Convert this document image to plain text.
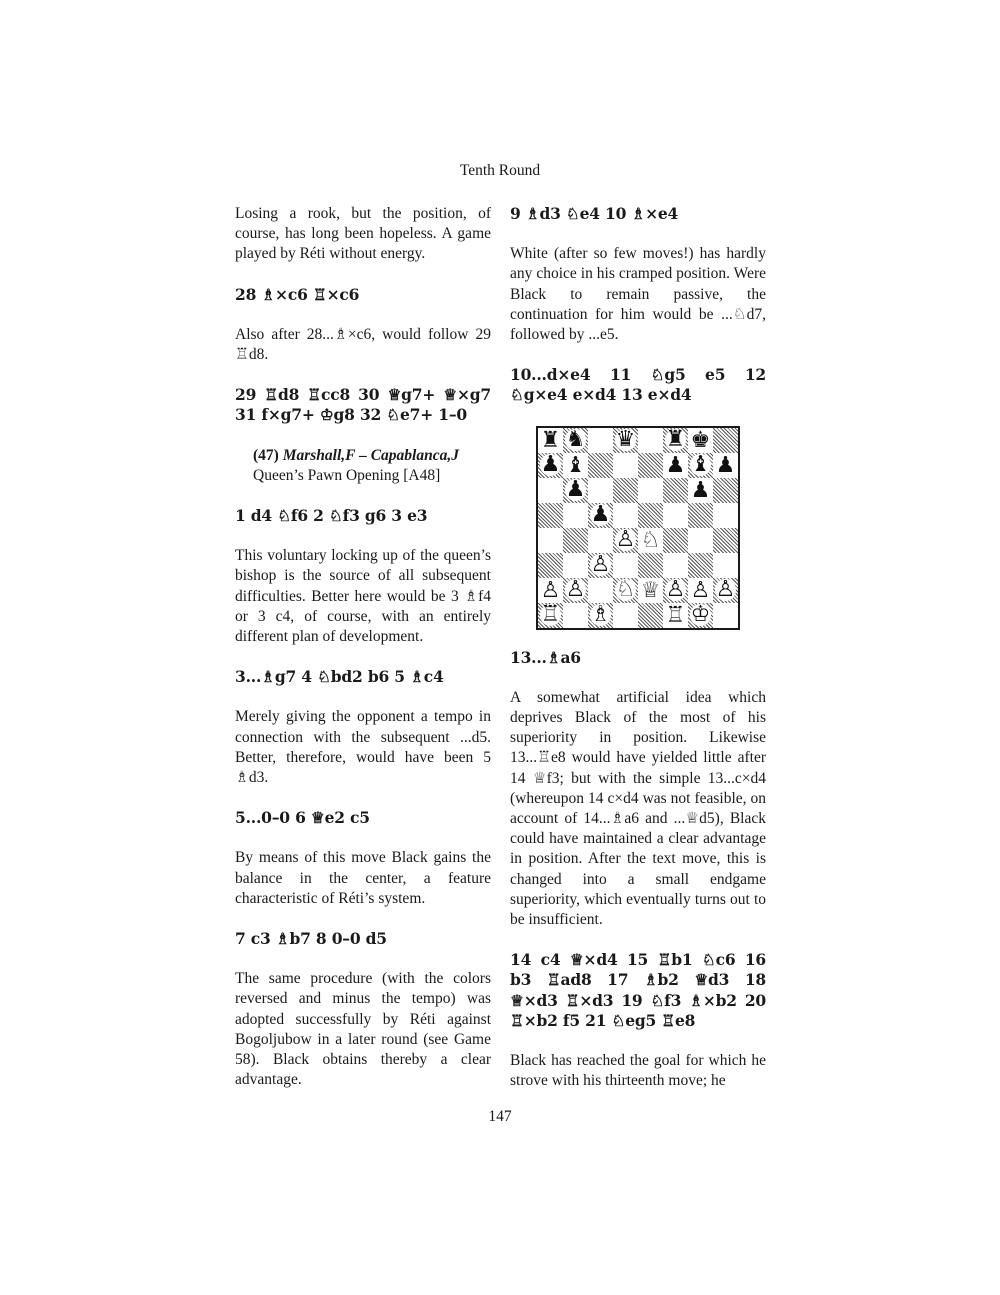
Tenth Round

Losing a rook, but the position, of course, has long been hopeless. A game played by Réti without energy.

28 ♗×c6 ♖×c6

Also after 28...♗×c6, would follow 29 ♖d8.

29 ♖d8 ♖cc8 30 ♕g7+ ♕×g7 31 f×g7+ ♔g8 32 ♘e7+ 1–0

(47) Marshall,F – Capablanca,J
Queen’s Pawn Opening [A48]

1 d4 ♘f6 2 ♘f3 g6 3 e3

This voluntary locking up of the queen’s bishop is the source of all subsequent difficulties. Better here would be 3 ♗f4 or 3 c4, of course, with an entirely different plan of development.

3...♗g7 4 ♘bd2 b6 5 ♗c4

Merely giving the opponent a tempo in connection with the subsequent ...d5. Better, therefore, would have been 5 ♗d3.

5...0–0 6 ♕e2 c5

By means of this move Black gains the balance in the center, a feature characteristic of Réti’s system.

7 c3 ♗b7 8 0–0 d5

The same procedure (with the colors reversed and minus the tempo) was adopted successfully by Réti against Bogoljubow in a later round (see Game 58). Black obtains thereby a clear advantage.

9 ♗d3 ♘e4 10 ♗×e4

White (after so few moves!) has hardly any choice in his cramped position. Were Black to remain passive, the continuation for him would be ...♘d7, followed by ...e5.

10...d×e4 11 ♘g5 e5 12 ♘g×e4 e×d4 13 e×d4

♜ ♞ ♛ ♜ ♚
♟ ♝	♟ ♝ ♟
♟	♟
♟
♙ ♘
♙
♙ ♙ ♘ ♕ ♙ ♙ ♙
♖ ♗	♖ ♔

13...♗a6

A somewhat artificial idea which deprives Black of the most of his superiority in position. Likewise 13...♖e8 would have yielded little after 14 ♕f3; but with the simple 13...c×d4 (whereupon 14 c×d4 was not feasible, on account of 14...♗a6 and ...♕d5), Black could have maintained a clear advantage in position. After the text move, this is changed into a small endgame superiority, which eventually turns out to be insufficient.

14 c4 ♕×d4 15 ♖b1 ♘c6 16 b3 ♖ad8 17 ♗b2 ♕d3 18 ♕×d3 ♖×d3 19 ♘f3 ♗×b2 20 ♖×b2 f5 21 ♘eg5 ♖e8

Black has reached the goal for which he strove with his thirteenth move; he

147
